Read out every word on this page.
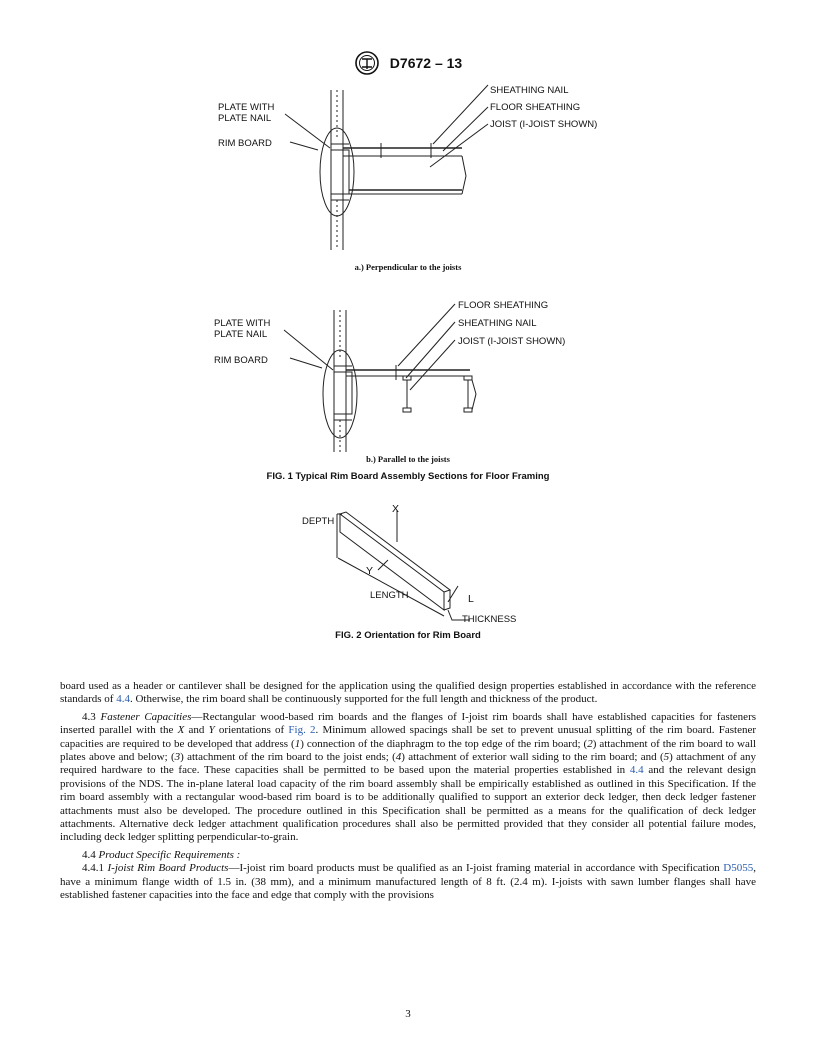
D7672 – 13
PLATE WITH
PLATE NAIL
RIM BOARD
SHEATHING NAIL
FLOOR SHEATHING
JOIST (I-JOIST SHOWN)
a.) Perpendicular to the joists
PLATE WITH
PLATE NAIL
RIM BOARD
FLOOR SHEATHING
SHEATHING NAIL
JOIST (I-JOIST SHOWN)
b.) Parallel to the joists
FIG. 1 Typical Rim Board Assembly Sections for Floor Framing
DEPTH
X
Y
LENGTH	L
THICKNESS
FIG. 2 Orientation for Rim Board

board used as a header or cantilever shall be designed for the application using the qualified design properties established in accordance with the reference standards of 4.4. Otherwise, the rim board shall be continuously supported for the full length and thickness of the product.

4.3 Fastener Capacities—Rectangular wood-based rim boards and the flanges of I-joist rim boards shall have established capacities for fasteners inserted parallel with the X and Y orientations of Fig. 2. Minimum allowed spacings shall be set to prevent unusual splitting of the rim board. Fastener capacities are required to be developed that address (1) connection of the diaphragm to the top edge of the rim board; (2) attachment of the rim board to wall plates above and below; (3) attachment of the rim board to the joist ends; (4) attachment of exterior wall siding to the rim board; and (5) attachment of any required hardware to the face. These capacities shall be permitted to be based upon the material properties established in 4.4 and the relevant design provisions of the NDS. The in-plane lateral load capacity of the rim board assembly shall be empirically established as outlined in this Specification. If the rim board assembly with a rectangular wood-based rim board is to be additionally qualified to support an exterior deck ledger, then deck ledger fastener attachments must also be developed. The procedure outlined in this Specification shall be permitted as a means for the qualification of deck ledger attachments. Alternative deck ledger attachment qualification procedures shall also be permitted provided that they consider all potential failure modes, including deck ledger splitting perpendicular-to-grain.

4.4 Product Specific Requirements :

4.4.1 I-joist Rim Board Products—I-joist rim board products must be qualified as an I-joist framing material in accordance with Specification D5055, have a minimum flange width of 1.5 in. (38 mm), and a minimum manufactured length of 8 ft. (2.4 m). I-joists with sawn lumber flanges shall have established fastener capacities into the face and edge that comply with the provisions

3
